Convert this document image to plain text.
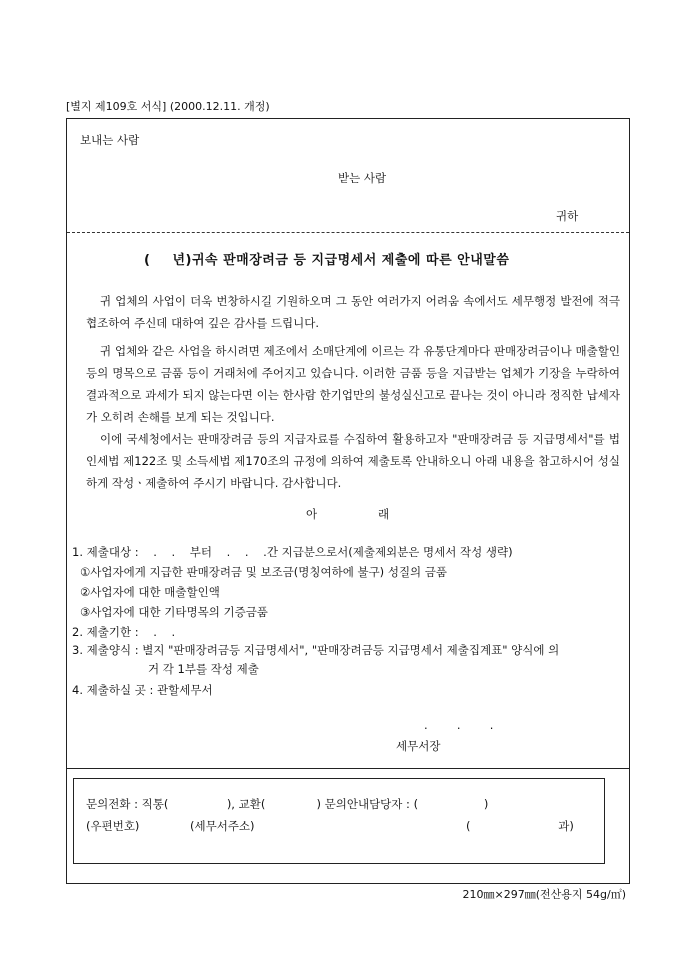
[별지 제109호 서식] (2000.12.11. 개정)
보내는 사람
받는 사람
귀하
( 년)귀속 판매장려금 등 지급명세서 제출에 따른 안내말씀
귀 업체의 사업이 더욱 번창하시길 기원하오며 그 동안 여러가지 어려움 속에서도 세무행정 발전에 적극 협조하여 주신데 대하여 깊은 감사를 드립니다.
귀 업체와 같은 사업을 하시려면 제조에서 소매단계에 이르는 각 유통단계마다 판매장려금이나 매출할인 등의 명목으로 금품 등이 거래처에 주어지고 있습니다. 이러한 금품 등을 지급받는 업체가 기장을 누락하여 결과적으로 과세가 되지 않는다면 이는 한사람 한기업만의 불성실신고로 끝나는 것이 아니라 정직한 납세자가 오히려 손해를 보게 되는 것입니다.
이에 국세청에서는 판매장려금 등의 지급자료를 수집하여 활용하고자 "판매장려금 등 지급명세서"를 법인세법 제122조 및 소득세법 제170조의 규정에 의하여 제출토록 안내하오니 아래 내용을 참고하시어 성실하게 작성ㆍ제출하여 주시기 바랍니다. 감사합니다.
아	래
1. 제출대상 :    .    .    부터    .    .    .간 지급분으로서(제출제외분은 명세서 작성 생략)
①사업자에게 지급한 판매장려금 및 보조금(명칭여하에 불구) 성질의 금품
②사업자에 대한 매출할인액
③사업자에 대한 기타명목의 기증금품
2. 제출기한 :    .    .
3. 제출양식 : 별지 "판매장려금등 지급명세서", "판매장려금등 지급명세서 제출집계표" 양식에 의
거 각 1부를 작성 제출
4. 제출하실 곳 : 관할세무서
.        .        .
세무서장
문의전화 : 직통(                ), 교환(              ) 문의안내담당자 : (                  )
(우편번호)	(세무서주소)	(                        과)
210㎜×297㎜(전산용지 54g/㎡)
